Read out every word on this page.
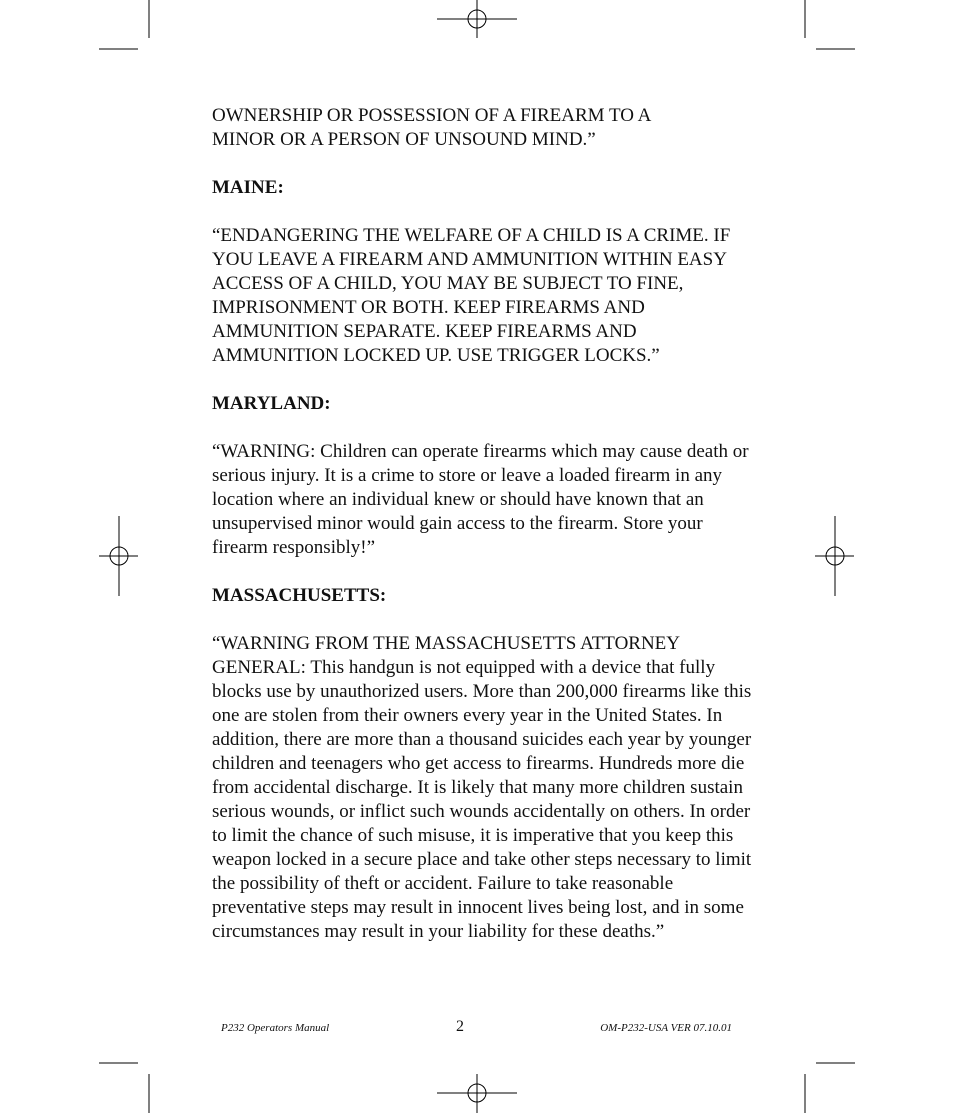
OWNERSHIP OR POSSESSION OF A FIREARM TO A

MINOR OR A PERSON OF UNSOUND MIND.”

MAINE:

“ENDANGERING THE WELFARE OF A CHILD IS A CRIME. IF YOU LEAVE A FIREARM AND AMMUNITION WITHIN EASY ACCESS OF A CHILD, YOU MAY BE SUBJECT TO FINE, IMPRISONMENT OR BOTH. KEEP FIREARMS AND AMMUNITION SEPARATE. KEEP FIREARMS AND AMMUNITION LOCKED UP. USE TRIGGER LOCKS.”

MARYLAND:

“WARNING: Children can operate firearms which may cause death or serious injury. It is a crime to store or leave a loaded firearm in any location where an individual knew or should have known that an unsupervised minor would gain access to the firearm. Store your firearm responsibly!”

MASSACHUSETTS:

“WARNING FROM THE MASSACHUSETTS ATTORNEY GENERAL: This handgun is not equipped with a device that fully blocks use by unauthorized users. More than 200,000 firearms like this one are stolen from their owners every year in the United States. In addition, there are more than a thousand suicides each year by younger children and teenagers who get access to firearms. Hundreds more die from accidental discharge. It is likely that many more children sustain serious wounds, or inflict such wounds accidentally on others. In order to limit the chance of such misuse, it is imperative that you keep this weapon locked in a secure place and take other steps necessary to limit the possibility of theft or accident. Failure to take reasonable preventative steps may result in innocent lives being lost, and in some circumstances may result in your liability for these deaths.”

P232 Operators Manual	2	OM-P232-USA VER 07.10.01
